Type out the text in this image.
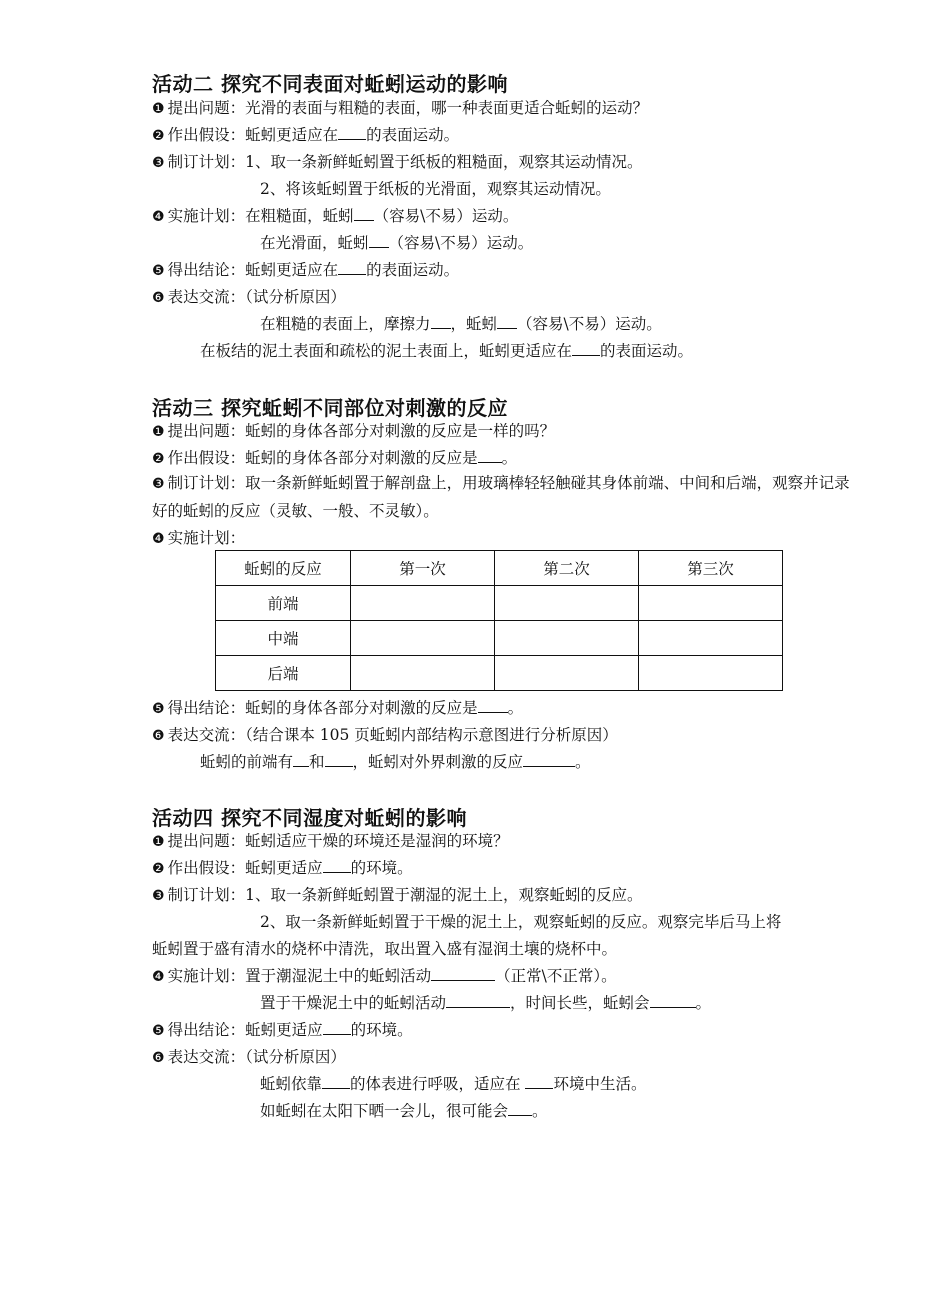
活动二 探究不同表面对蚯蚓运动的影响
❶ 提出问题：光滑的表面与粗糙的表面，哪一种表面更适合蚯蚓的运动？
❷ 作出假设：蚯蚓更适应在 的表面运动。
❸ 制订计划：1、取一条新鲜蚯蚓置于纸板的粗糙面，观察其运动情况。
2、将该蚯蚓置于纸板的光滑面，观察其运动情况。
❹ 实施计划：在粗糙面，蚯蚓 （容易\不易）运动。
在光滑面，蚯蚓 （容易\不易）运动。
❺ 得出结论：蚯蚓更适应在 的表面运动。
❻ 表达交流：（试分析原因）
在粗糙的表面上，摩擦力 ，蚯蚓 （容易\不易）运动。
在板结的泥土表面和疏松的泥土表面上，蚯蚓更适应在 的表面运动。
活动三 探究蚯蚓不同部位对刺激的反应
❶ 提出问题：蚯蚓的身体各部分对刺激的反应是一样的吗？
❷ 作出假设：蚯蚓的身体各部分对刺激的反应是 。
❸ 制订计划：取一条新鲜蚯蚓置于解剖盘上，用玻璃棒轻轻触碰其身体前端、中间和后端，观察并记录好的蚯蚓的反应（灵敏、一般、不灵敏）。
❹ 实施计划：
蚯蚓的反应	第一次	第二次	第三次
前端			
中端			
后端			
❺ 得出结论：蚯蚓的身体各部分对刺激的反应是 。
❻ 表达交流：（结合课本 105 页蚯蚓内部结构示意图进行分析原因）
蚯蚓的前端有 和 ，蚯蚓对外界刺激的反应	。
活动四 探究不同湿度对蚯蚓的影响
❶ 提出问题：蚯蚓适应干燥的环境还是湿润的环境？
❷ 作出假设：蚯蚓更适应 的环境。
❸ 制订计划：1、取一条新鲜蚯蚓置于潮湿的泥土上，观察蚯蚓的反应。
2、取一条新鲜蚯蚓置于干燥的泥土上，观察蚯蚓的反应。观察完毕后马上将
蚯蚓置于盛有清水的烧杯中清洗，取出置入盛有湿润土壤的烧杯中。
❹ 实施计划：置于潮湿泥土中的蚯蚓活动	（正常\不正常）。
置于干燥泥土中的蚯蚓活动	，时间长些，蚯蚓会	。
❺ 得出结论：蚯蚓更适应 的环境。
❻ 表达交流：（试分析原因）
蚯蚓依靠 的体表进行呼吸，适应在 环境中生活。
如蚯蚓在太阳下晒一会儿，很可能会 。
